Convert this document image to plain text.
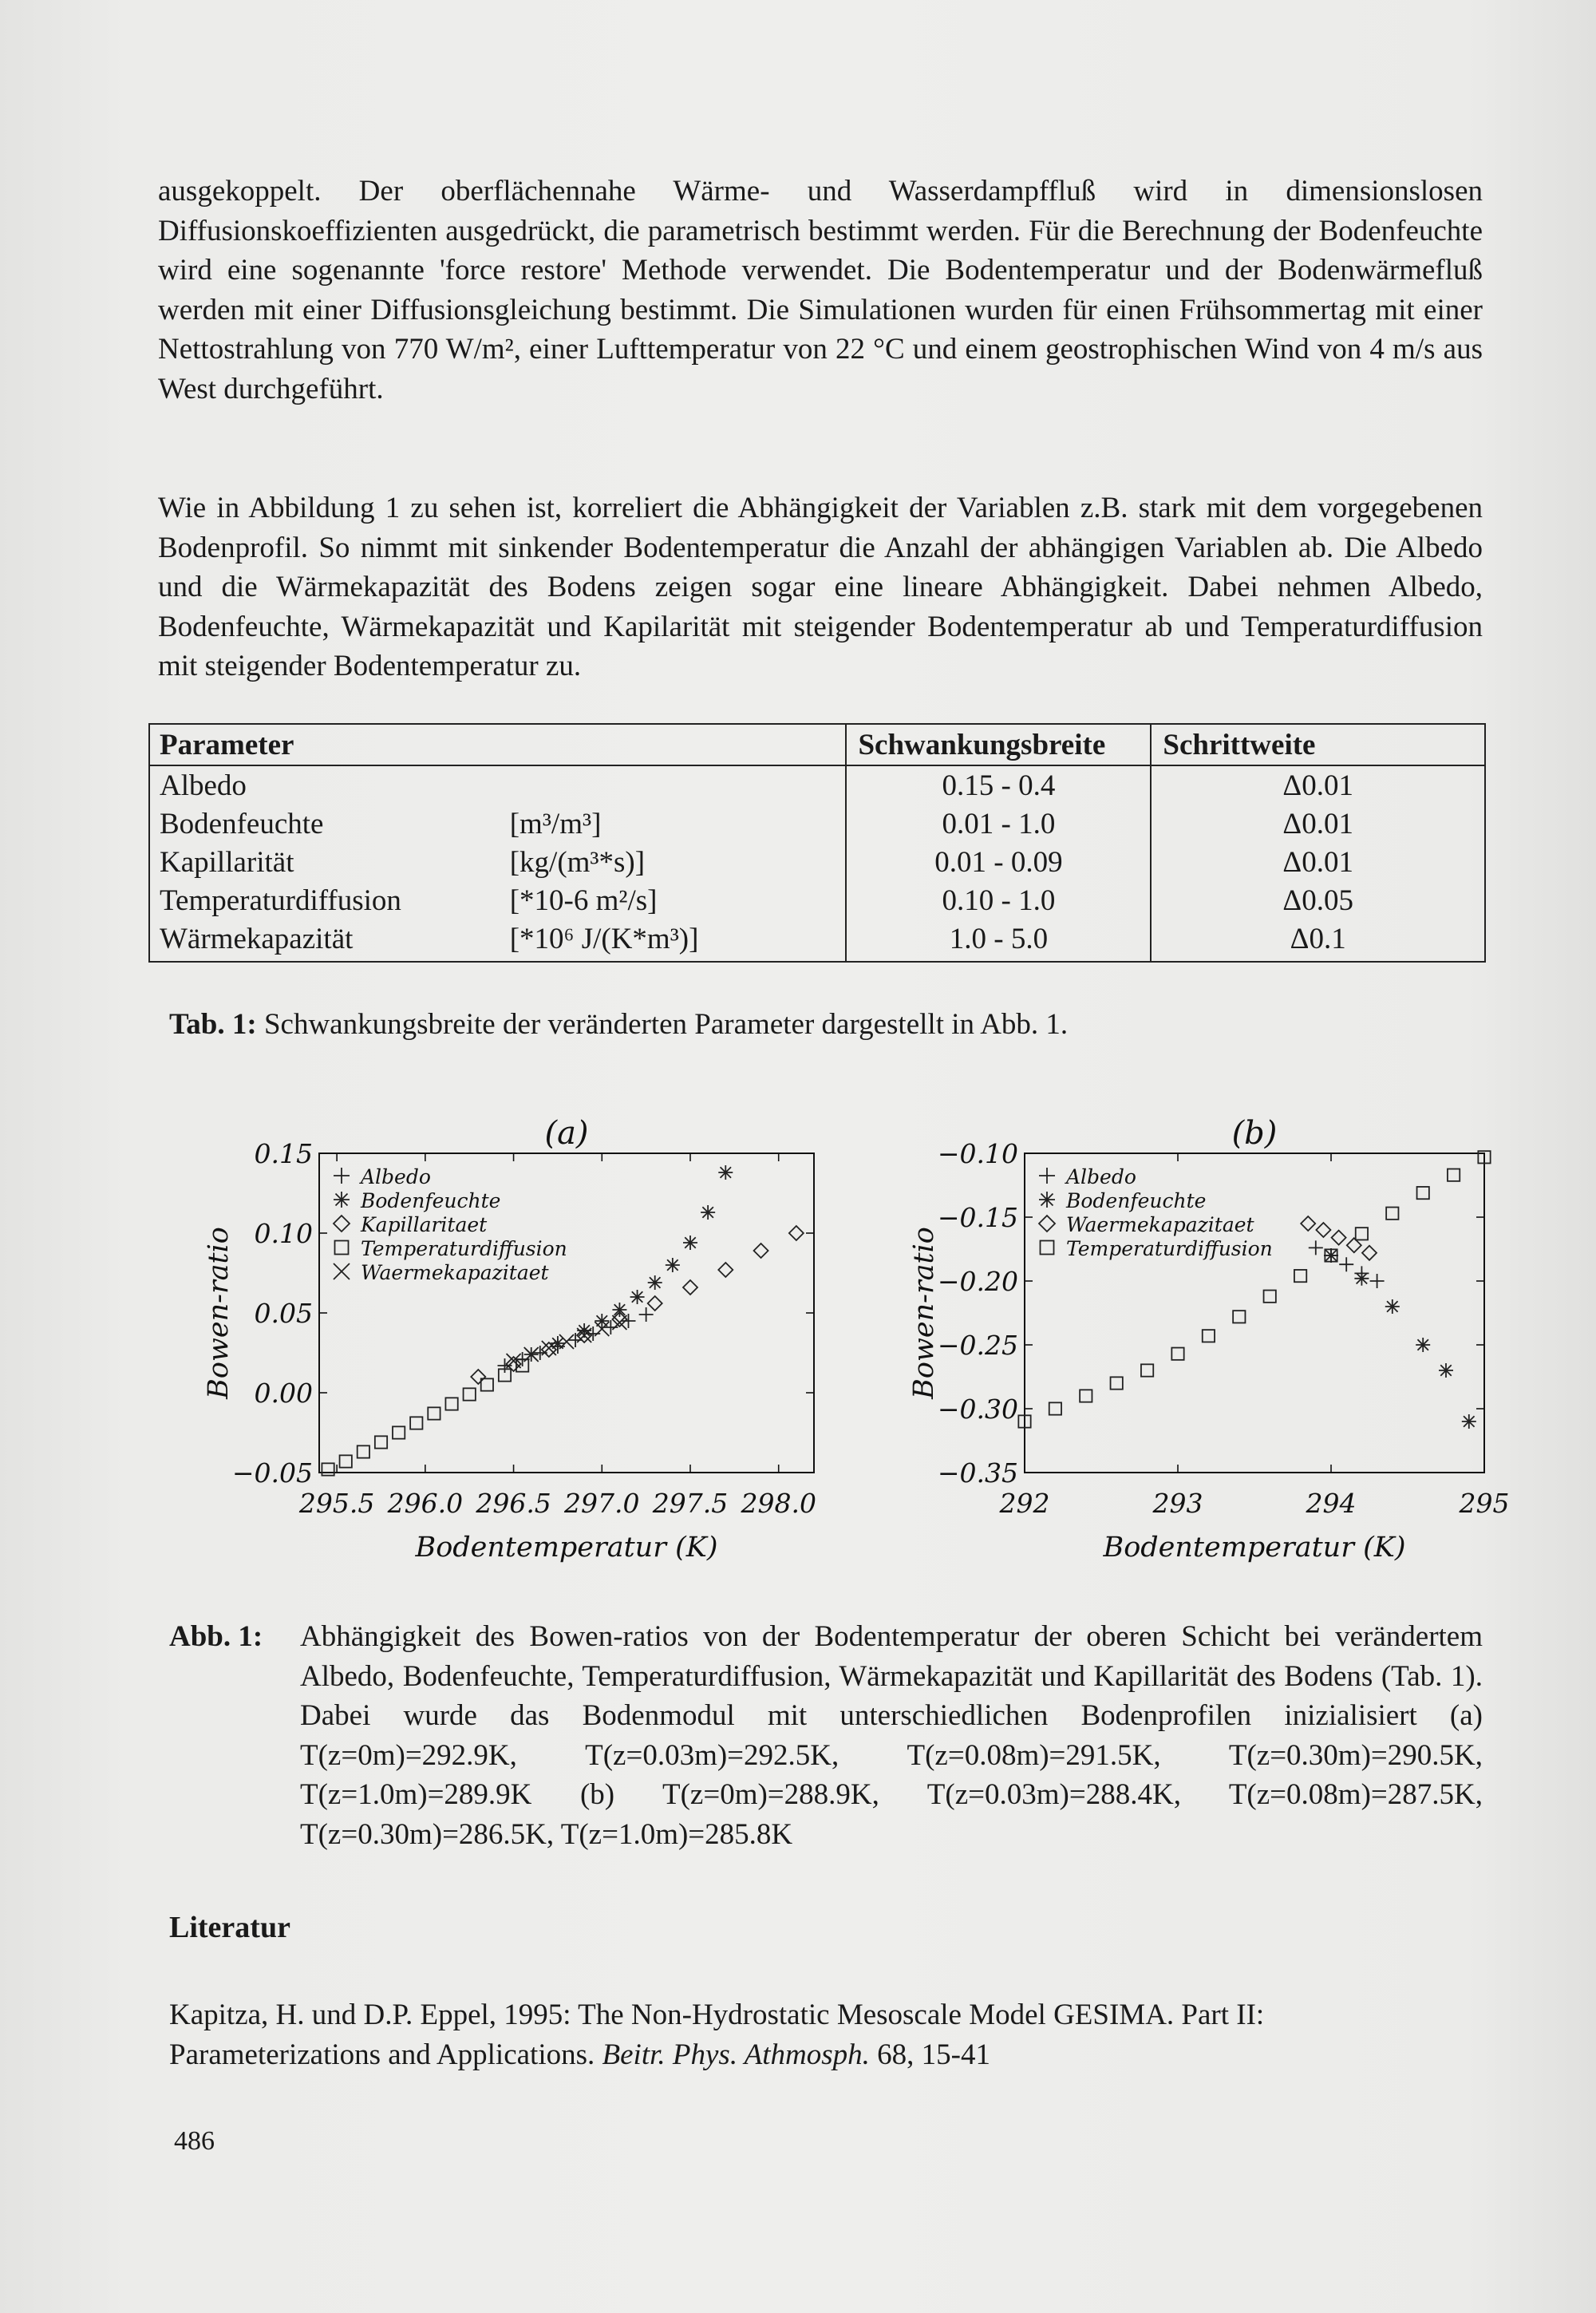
ausgekoppelt. Der oberflächennahe Wärme- und Wasserdampffluß wird in dimensionslosen Diffusionskoeffizienten ausgedrückt, die parametrisch bestimmt werden. Für die Berechnung der Bodenfeuchte wird eine sogenannte 'force restore' Methode verwendet. Die Bodentemperatur und der Bodenwärmefluß werden mit einer Diffusionsgleichung bestimmt. Die Simulationen wurden für einen Frühsommertag mit einer Nettostrahlung von 770 W/m², einer Lufttemperatur von 22 °C und einem geostrophischen Wind von 4 m/s aus West durchgeführt.

Wie in Abbildung 1 zu sehen ist, korreliert die Abhängigkeit der Variablen z.B. stark mit dem vorgegebenen Bodenprofil. So nimmt mit sinkender Bodentemperatur die Anzahl der abhängigen Variablen ab. Die Albedo und die Wärmekapazität des Bodens zeigen sogar eine lineare Abhängigkeit. Dabei nehmen Albedo, Bodenfeuchte, Wärmekapazität und Kapilarität mit steigender Bodentemperatur ab und Temperaturdiffusion mit steigender Bodentemperatur zu.

Parameter		Schwankungsbreite	Schrittweite
Albedo		0.15 - 0.4	Δ0.01
Bodenfeuchte	[m³/m³]	0.01 - 1.0	Δ0.01
Kapillarität	[kg/(m³*s)]	0.01 - 0.09	Δ0.01
Temperaturdiffusion	[*10-6 m²/s]	0.10 - 1.0	Δ0.05
Wärmekapazität	[*10⁶ J/(K*m³)]	1.0 - 5.0	Δ0.1
Tab. 1: Schwankungsbreite der veränderten Parameter dargestellt in Abb. 1.
(a)
−0.05
0.00
0.05
0.10
0.15
295.5 296.0 296.5 297.0 297.5 298.0
Bodentemperatur (K)
Bowen-ratio
Albedo
Bodenfeuchte
Kapillaritaet
Temperaturdiffusion
Waermekapazitaet
(b)
−0.35
−0.30
−0.25
−0.20
−0.15
−0.10
292	293	294	295
Bodentemperatur (K)
Bowen-ratio
Albedo
Bodenfeuchte
Waermekapazitaet
Temperaturdiffusion
Abb. 1: Abhängigkeit des Bowen-ratios von der Bodentemperatur der oberen Schicht bei verändertem Albedo, Bodenfeuchte, Temperaturdiffusion, Wärmekapazität und Kapillarität des Bodens (Tab. 1). Dabei wurde das Bodenmodul mit unterschiedlichen Bodenprofilen inizialisiert (a) T(z=0m)=292.9K, T(z=0.03m)=292.5K, T(z=0.08m)=291.5K, T(z=0.30m)=290.5K, T(z=1.0m)=289.9K (b) T(z=0m)=288.9K, T(z=0.03m)=288.4K, T(z=0.08m)=287.5K, T(z=0.30m)=286.5K, T(z=1.0m)=285.8K
Literatur
Kapitza, H. und D.P. Eppel, 1995: The Non-Hydrostatic Mesoscale Model GESIMA. Part II: Parameterizations and Applications. Beitr. Phys. Athmosph. 68, 15-41
486
